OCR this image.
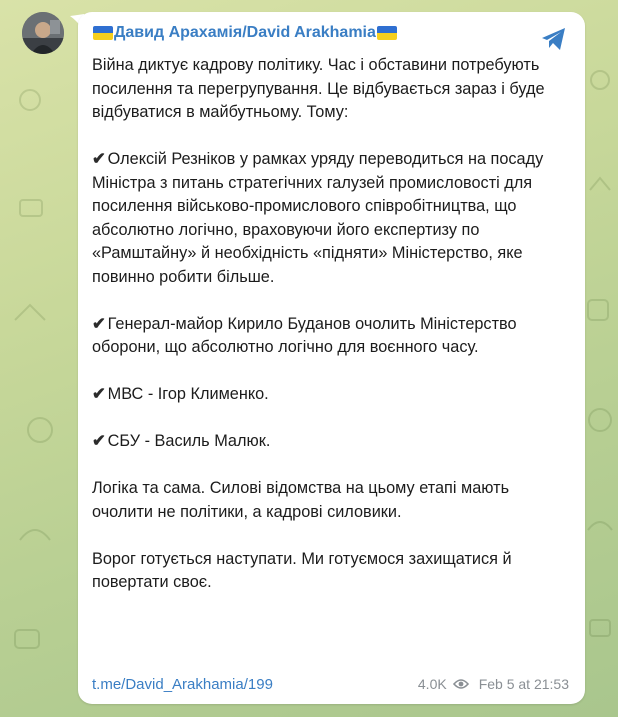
Давид Арахамія/David Arakhamia

Війна диктує кадрову політику. Час і обставини потребують посилення та перегрупування. Це відбувається зараз і буде відбуватися в майбутньому. Тому:

✔ Олексій Резніков у рамках уряду переводиться на посаду Міністра з питань стратегічних галузей промисловості для посилення військово-промислового співробітництва, що абсолютно логічно, враховуючи його експертизу по «Рамштайну» й необхідність «підняти» Міністерство, яке повинно робити більше.

✔ Генерал-майор Кирило Буданов очолить Міністерство оборони, що абсолютно логічно для воєнного часу.

✔ МВС - Ігор Клименко.

✔ СБУ - Василь Малюк.

Логіка та сама. Силові відомства на цьому етапі мають очолити не політики, а кадрові силовики.

Ворог готується наступати. Ми готуємося захищатися й повертати своє.

t.me/David_Arakhamia/199	4.0K Feb 5 at 21:53
